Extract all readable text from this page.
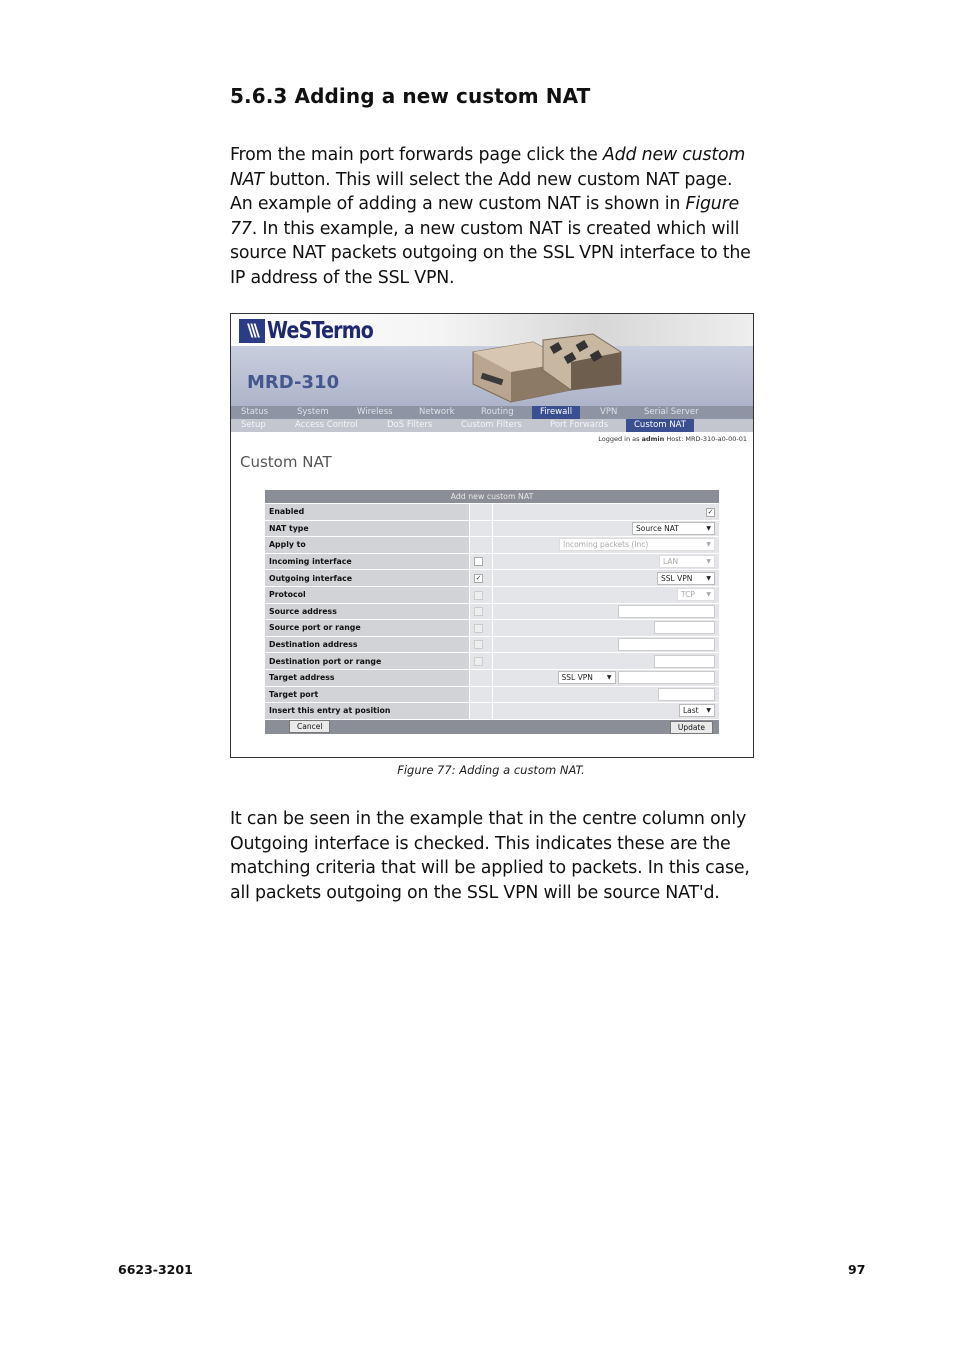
5.6.3 Adding a new custom NAT

From the main port forwards page click the Add new custom NAT button. This will select the Add new custom NAT page. An example of adding a new custom NAT is shown in Figure 77. In this example, a new custom NAT is created which will source NAT packets outgoing on the SSL VPN interface to the IP address of the SSL VPN.

\\\ WeSTermo
MRD-310
Status	System	Wireless	Network	Routing	Firewall	VPN	Serial Server
Setup	Access Control	DoS Filters	Custom Filters	Port Forwards	Custom NAT
Logged in as admin Host: MRD-310-a0-00-01
Custom NAT
Add new custom NAT		
Enabled		✓
NAT type		Source NAT ▼

Apply to		Incoming packets (Inc) ▼

Incoming interface		LAN ▼

Outgoing interface	✓	SSL VPN ▼

Protocol		TCP ▼

Source address		
Source port or range		
Destination address		
Destination port or range		
Target address		SSL VPN ▼

Target port		
Insert this entry at position		Last ▼

Cancel Update		
Figure 77: Adding a custom NAT.

It can be seen in the example that in the centre column only Outgoing interface is checked. This indicates these are the matching criteria that will be applied to packets. In this case, all packets outgoing on the SSL VPN will be source NAT'd.

6623-3201	97
